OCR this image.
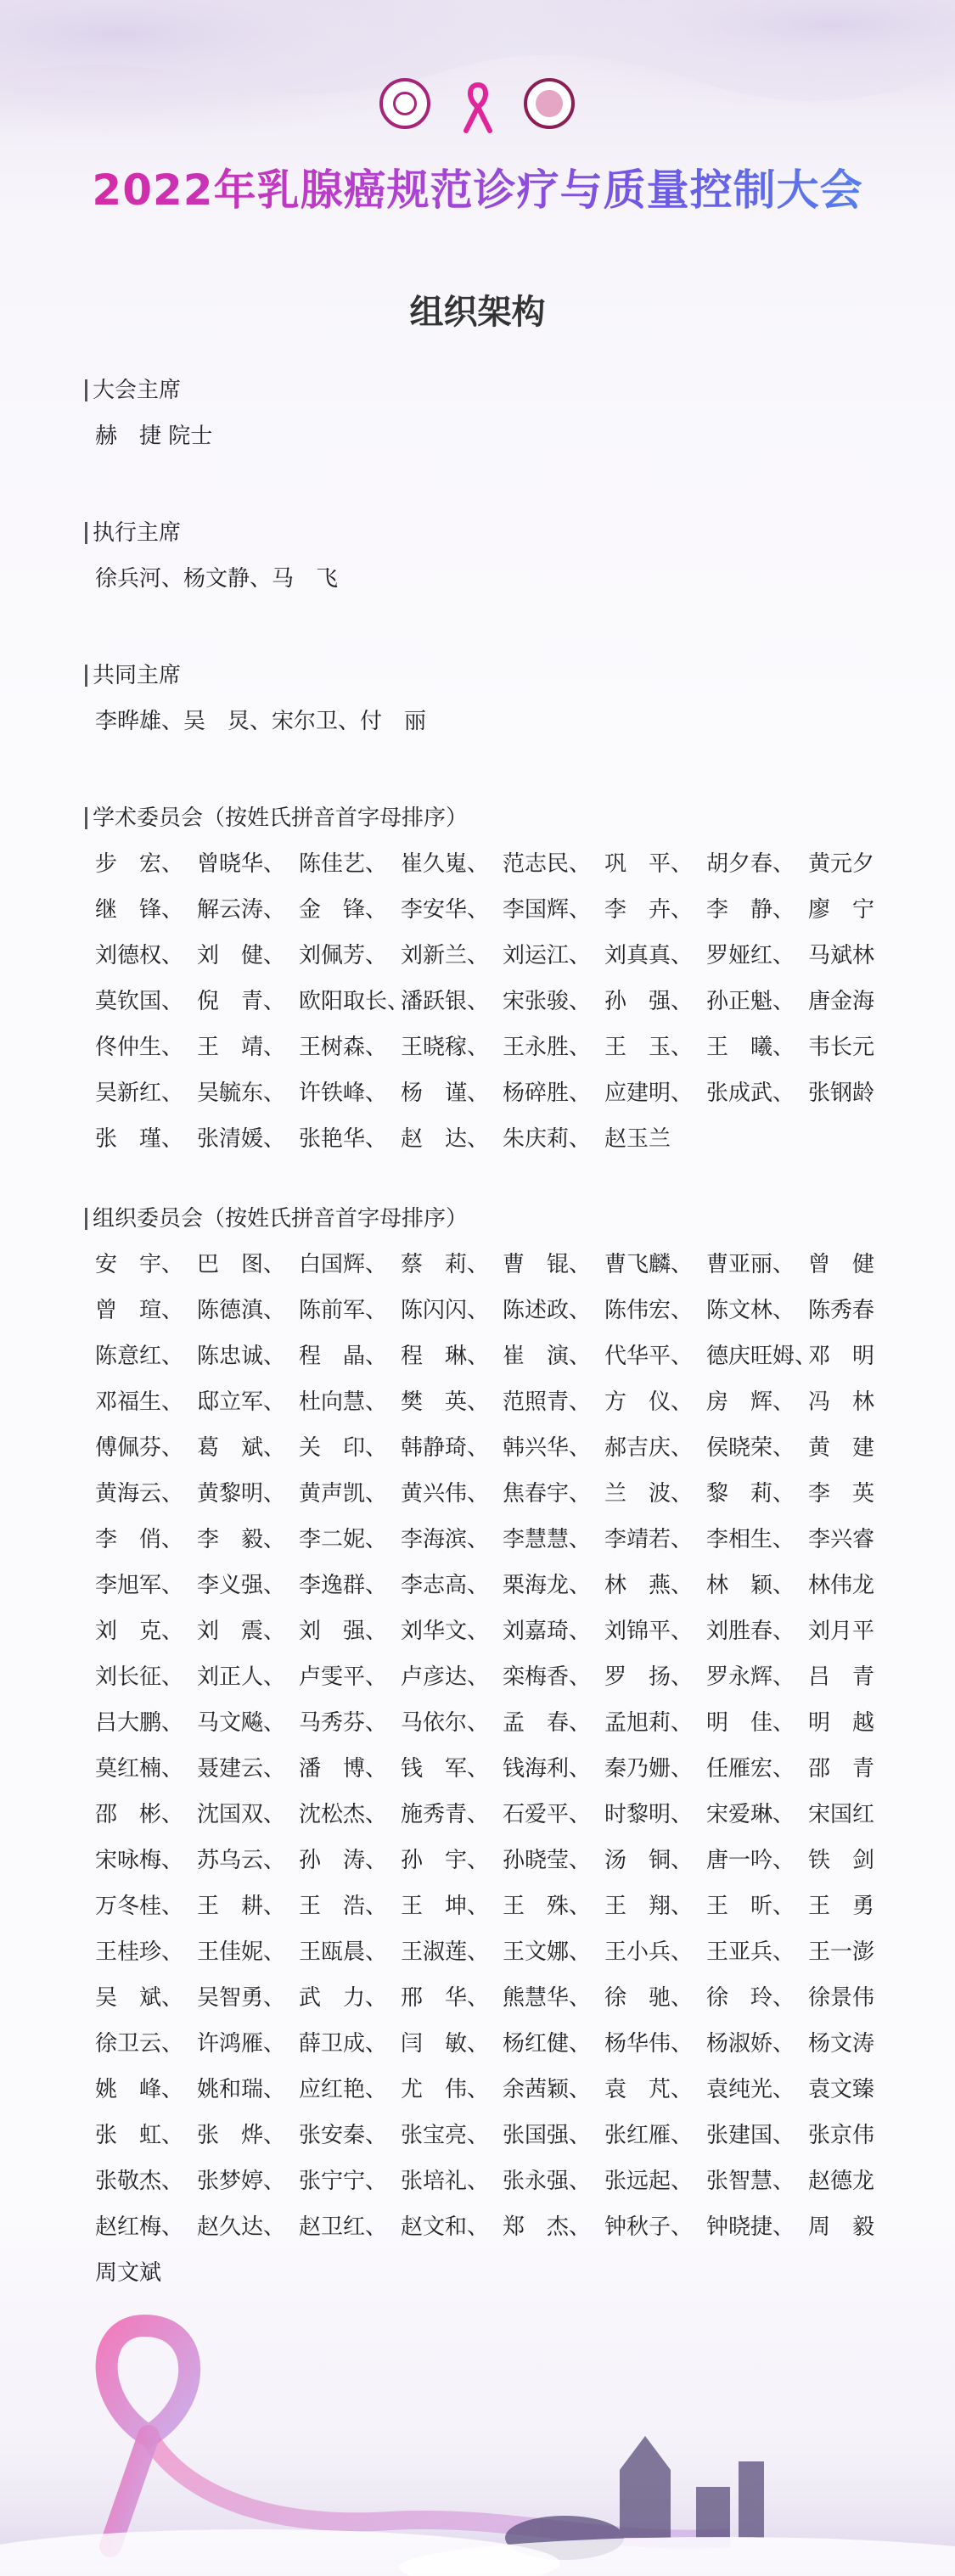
2022年乳腺癌规范诊疗与质量控制大会
组织架构
大会主席
赫　捷 院士
执行主席
徐兵河、杨文静、马　飞
共同主席
李晔雄、吴　炅、宋尔卫、付　丽
学术委员会（按姓氏拼音首字母排序）
步　宏、 曾晓华、 陈佳艺、 崔久嵬、 范志民、 巩　平、 胡夕春、 黄元夕
继　锋、 解云涛、 金　锋、 李安华、 李国辉、 李　卉、 李　静、 廖　宁
刘德权、 刘　健、 刘佩芳、 刘新兰、 刘运江、 刘真真、 罗娅红、 马斌林
莫钦国、 倪　青、 欧阳取长、
潘跃银、 宋张骏、 孙　强、 孙正魁、 唐金海
佟仲生、 王　靖、 王树森、 王晓稼、 王永胜、 王　玉、 王　曦、 韦长元
吴新红、 吴毓东、 许铁峰、 杨　谨、 杨碎胜、 应建明、 张成武、 张钢龄
张　瑾、 张清媛、 张艳华、 赵　达、 朱庆莉、 赵玉兰
组织委员会（按姓氏拼音首字母排序）
安　宇、 巴　图、 白国辉、 蔡　莉、 曹　锟、 曹飞麟、 曹亚丽、 曾　健
曾　瑄、 陈德滇、 陈前军、 陈闪闪、 陈述政、 陈伟宏、 陈文林、 陈秀春
陈意红、 陈忠诚、 程　晶、 程　琳、 崔　演、 代华平、 德庆旺姆、
邓　明
邓福生、 邸立军、 杜向慧、 樊　英、 范照青、 方　仪、 房　辉、 冯　林
傅佩芬、 葛　斌、 关　印、 韩静琦、 韩兴华、 郝吉庆、 侯晓荣、 黄　建
黄海云、 黄黎明、 黄声凯、 黄兴伟、 焦春宇、 兰　波、 黎　莉、 李　英
李　俏、 李　毅、 李二妮、 李海滨、 李慧慧、 李靖若、 李相生、 李兴睿
李旭军、 李义强、 李逸群、 李志高、 栗海龙、 林　燕、 林　颖、 林伟龙
刘　克、 刘　震、 刘　强、 刘华文、 刘嘉琦、 刘锦平、 刘胜春、 刘月平
刘长征、 刘正人、 卢雯平、 卢彦达、 栾梅香、 罗　扬、 罗永辉、 吕　青
吕大鹏、 马文飚、 马秀芬、 马依尔、 孟　春、 孟旭莉、 明　佳、 明　越
莫红楠、 聂建云、 潘　博、 钱　军、 钱海利、 秦乃姗、 任雁宏、 邵　青
邵　彬、 沈国双、 沈松杰、 施秀青、 石爱平、 时黎明、 宋爱琳、 宋国红
宋咏梅、 苏乌云、 孙　涛、 孙　宇、 孙晓莹、 汤　铜、 唐一吟、 铁　剑
万冬桂、 王　耕、 王　浩、 王　坤、 王　殊、 王　翔、 王　昕、 王　勇
王桂珍、 王佳妮、 王瓯晨、 王淑莲、 王文娜、 王小兵、 王亚兵、 王一澎
吴　斌、 吴智勇、 武　力、 邢　华、 熊慧华、 徐　驰、 徐　玲、 徐景伟
徐卫云、 许鸿雁、 薛卫成、 闫　敏、 杨红健、 杨华伟、 杨淑娇、 杨文涛
姚　峰、 姚和瑞、 应红艳、 尤　伟、 余茜颖、 袁　芃、 袁纯光、 袁文臻
张　虹、 张　烨、 张安秦、 张宝亮、 张国强、 张红雁、 张建国、 张京伟
张敬杰、 张梦婷、 张宁宁、 张培礼、 张永强、 张远起、 张智慧、 赵德龙
赵红梅、 赵久达、 赵卫红、 赵文和、 郑　杰、 钟秋子、 钟晓捷、 周　毅
周文斌
